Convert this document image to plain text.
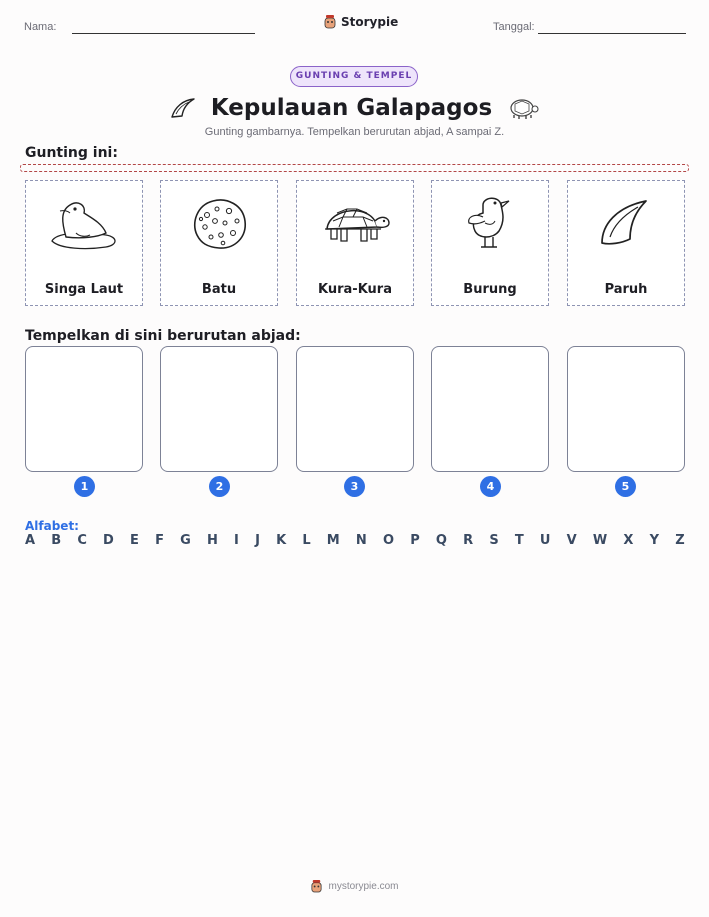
Nama:	Storypie	Tanggal:
GUNTING & TEMPEL
Kepulauan Galapagos
Gunting gambarnya. Tempelkan berurutan abjad, A sampai Z.
Gunting ini:
Singa Laut	Batu	Kura-Kura	Burung	Paruh
Tempelkan di sini berurutan abjad:
1	2	3	4	5
Alfabet:
A B C D E F G H I J K L M N O P Q R S T U V W X Y Z
mystorypie.com
